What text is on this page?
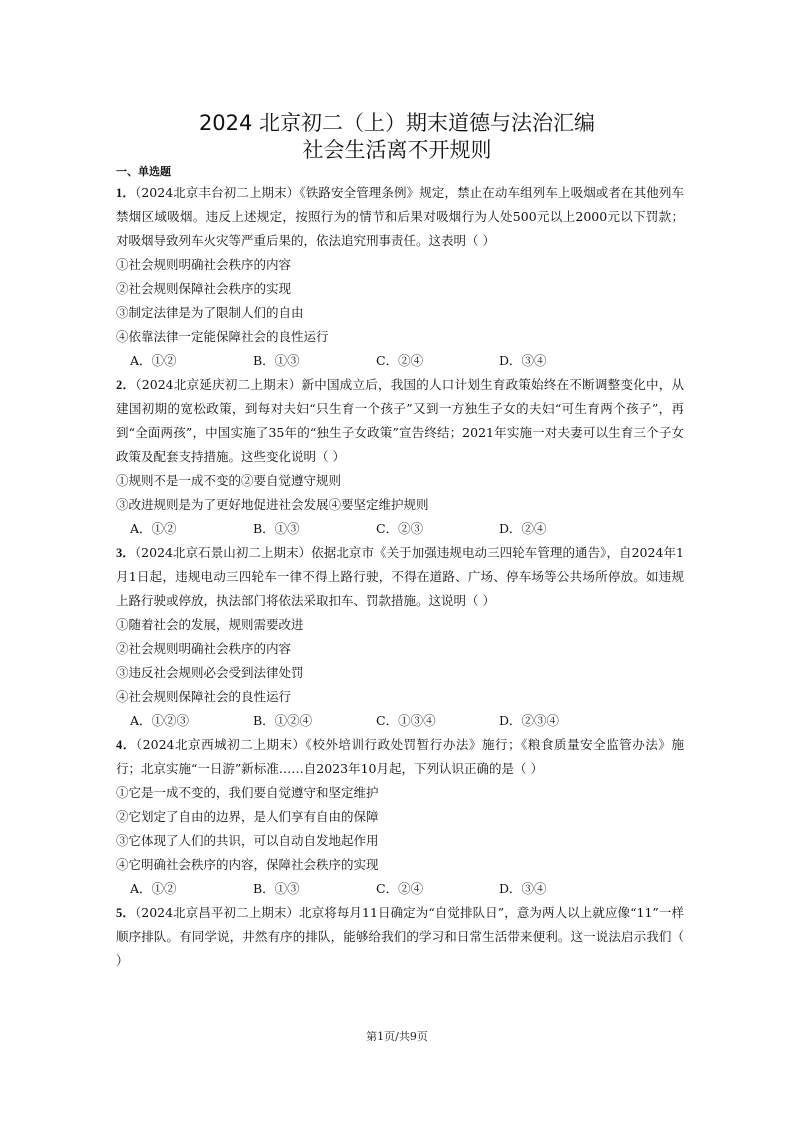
2024 北京初二（上）期末道德与法治汇编
社会生活离不开规则
一、单选题

1．（2024北京丰台初二上期末）《铁路安全管理条例》规定，禁止在动车组列车上吸烟或者在其他列车禁烟区域吸烟。违反上述规定，按照行为的情节和后果对吸烟行为人处500元以上2000元以下罚款；对吸烟导致列车火灾等严重后果的，依法追究刑事责任。这表明（ ）

①社会规则明确社会秩序的内容

②社会规则保障社会秩序的实现

③制定法律是为了限制人们的自由

④依靠法律一定能保障社会的良性运行

A．①②	B．①③	C．②④	D．③④

2．（2024北京延庆初二上期末）新中国成立后，我国的人口计划生育政策始终在不断调整变化中，从建国初期的宽松政策，到每对夫妇“只生育一个孩子”又到一方独生子女的夫妇“可生育两个孩子”，再到“全面两孩”，中国实施了35年的“独生子女政策”宣告终结；2021年实施一对夫妻可以生育三个子女政策及配套支持措施。这些变化说明（ ）

①规则不是一成不变的②要自觉遵守规则

③改进规则是为了更好地促进社会发展④要坚定维护规则

A．①②	B．①③	C．②③	D．②④

3．（2024北京石景山初二上期末）依据北京市《关于加强违规电动三四轮车管理的通告》，自2024年1月1日起，违规电动三四轮车一律不得上路行驶，不得在道路、广场、停车场等公共场所停放。如违规上路行驶或停放，执法部门将依法采取扣车、罚款措施。这说明（ ）

①随着社会的发展，规则需要改进

②社会规则明确社会秩序的内容

③违反社会规则必会受到法律处罚

④社会规则保障社会的良性运行

A．①②③	B．①②④	C．①③④	D．②③④

4．（2024北京西城初二上期末）《校外培训行政处罚暂行办法》施行；《粮食质量安全监管办法》施行；北京实施“一日游”新标准……自2023年10月起，下列认识正确的是（ ）

①它是一成不变的，我们要自觉遵守和坚定维护

②它划定了自由的边界，是人们享有自由的保障

③它体现了人们的共识，可以自动自发地起作用

④它明确社会秩序的内容，保障社会秩序的实现

A．①②	B．①③	C．②④	D．③④

5．（2024北京昌平初二上期末）北京将每月11日确定为“自觉排队日”，意为两人以上就应像“11”一样顺序排队。有同学说，井然有序的排队，能够给我们的学习和日常生活带来便利。这一说法启示我们（ ）

第1页/共9页
